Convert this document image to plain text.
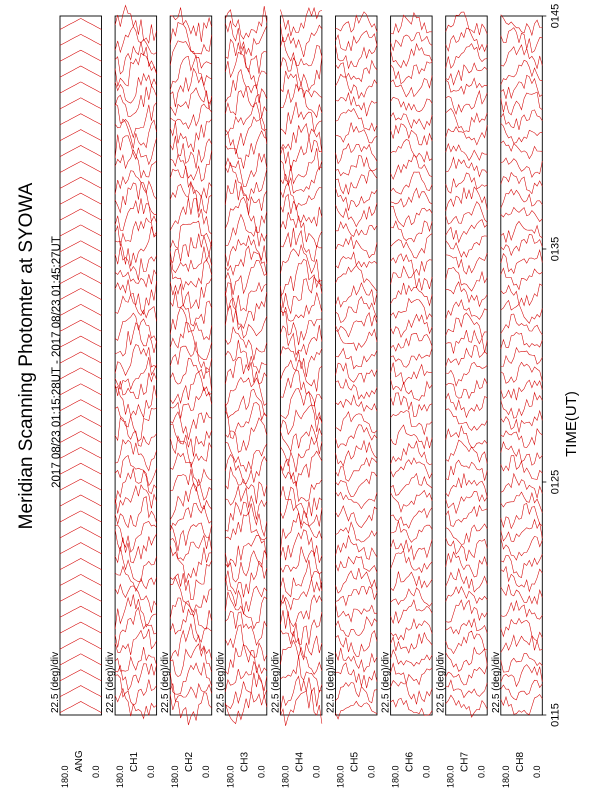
Meridian Scanning Photomter at SYOWA 2017 08/23 01:15:28UT - 2017 08/23 01:45:27UT	TIME(UT)
180.0
ANG 0.0
22.5 (deg)/div
180.0
CH1 0.0
22.5 (deg)/div
180.0
CH2 0.0
22.5 (deg)/div
180.0
CH3 0.0
22.5 (deg)/div
180.0
CH4 0.0
22.5 (deg)/div
180.0
CH5 0.0
22.5 (deg)/div
180.0
CH6 0.0
22.5 (deg)/div
180.0
CH7 0.0
22.5 (deg)/div
180.0
CH8 0.0
22.5 (deg)/div
0115
0125
0135
0145
